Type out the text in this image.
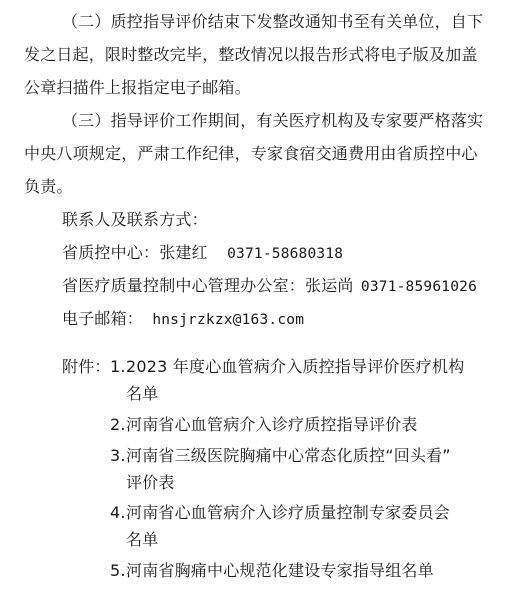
（二）质控指导评价结束下发整改通知书至有关单位，自下
发之日起，限时整改完毕，整改情况以报告形式将电子版及加盖
公章扫描件上报指定电子邮箱。
（三）指导评价工作期间，有关医疗机构及专家要严格落实
中央八项规定，严肃工作纪律，专家食宿交通费用由省质控中心
负责。
联系人及联系方式：
省质控中心：张建红 0371-58680318
省医疗质量控制中心管理办公室：张运尚 0371-85961026
电子邮箱： hnsjrzkzx@163.com
附件： 1. 2023 年度心血管病介入质控指导评价医疗机构
名单
2. 河南省心血管病介入诊疗质控指导评价表
3. 河南省三级医院胸痛中心常态化质控“回头看”
评价表
4. 河南省心血管病介入诊疗质量控制专家委员会
名单
5. 河南省胸痛中心规范化建设专家指导组名单
